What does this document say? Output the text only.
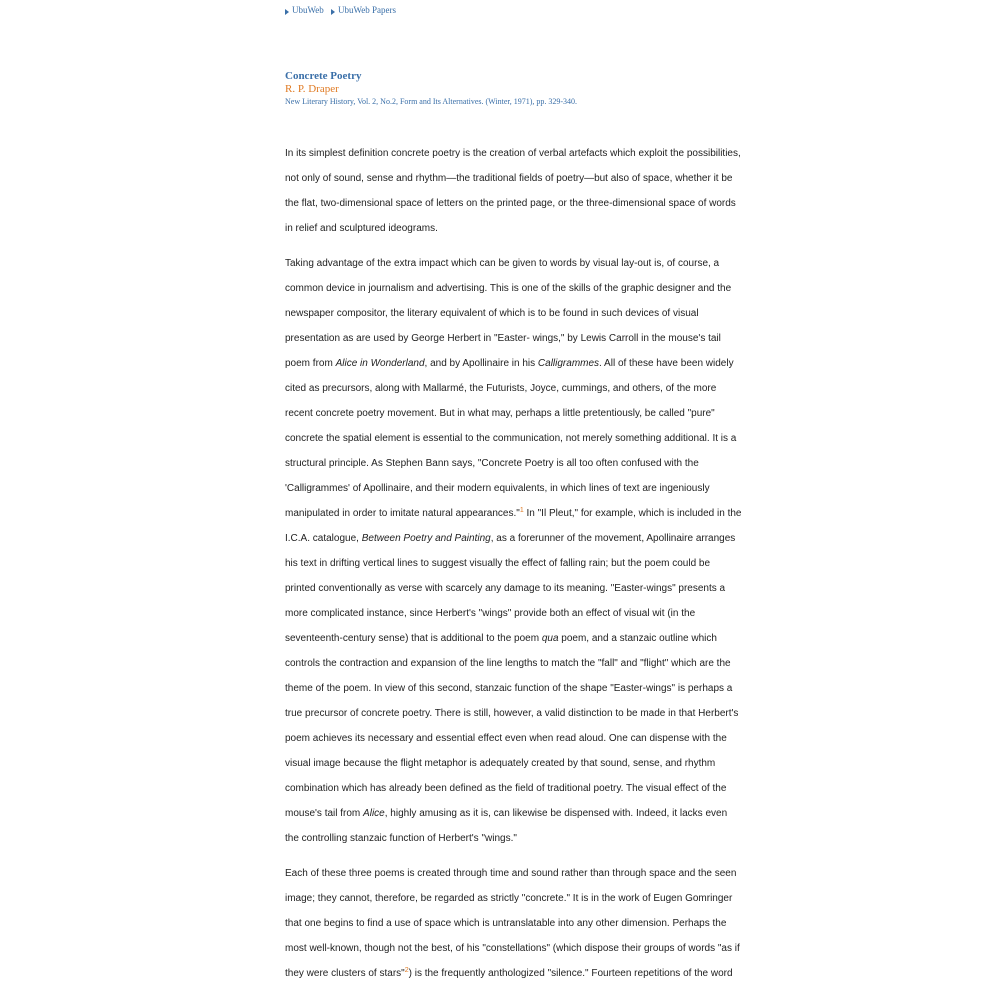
UbuWeb UbuWeb Papers
Concrete Poetry
R. P. Draper
New Literary History, Vol. 2, No.2, Form and Its Alternatives. (Winter, 1971), pp. 329-340.

In its simplest definition concrete poetry is the creation of verbal artefacts which exploit the possibilities,
not only of sound, sense and rhythm—the traditional fields of poetry—but also of space, whether it be
the flat, two-dimensional space of letters on the printed page, or the three-dimensional space of words
in relief and sculptured ideograms.

Taking advantage of the extra impact which can be given to words by visual lay-out is, of course, a
common device in journalism and advertising. This is one of the skills of the graphic designer and the
newspaper compositor, the literary equivalent of which is to be found in such devices of visual
presentation as are used by George Herbert in "Easter- wings," by Lewis Carroll in the mouse's tail
poem from Alice in Wonderland, and by Apollinaire in his Calligrammes. All of these have been widely
cited as precursors, along with Mallarmé, the Futurists, Joyce, cummings, and others, of the more
recent concrete poetry movement. But in what may, perhaps a little pretentiously, be called "pure"
concrete the spatial element is essential to the communication, not merely something additional. It is a
structural principle. As Stephen Bann says, "Concrete Poetry is all too often confused with the
'Calligrammes' of Apollinaire, and their modern equivalents, in which lines of text are ingeniously
manipulated in order to imitate natural appearances."$^1$ In "Il Pleut," for example, which is included in the
I.C.A. catalogue, Between Poetry and Painting, as a forerunner of the movement, Apollinaire arranges
his text in drifting vertical lines to suggest visually the effect of falling rain; but the poem could be
printed conventionally as verse with scarcely any damage to its meaning. "Easter-wings" presents a
more complicated instance, since Herbert's "wings" provide both an effect of visual wit (in the
seventeenth-century sense) that is additional to the poem qua poem, and a stanzaic outline which
controls the contraction and expansion of the line lengths to match the "fall" and "flight" which are the
theme of the poem. In view of this second, stanzaic function of the shape "Easter-wings" is perhaps a
true precursor of concrete poetry. There is still, however, a valid distinction to be made in that Herbert's
poem achieves its necessary and essential effect even when read aloud. One can dispense with the
visual image because the flight metaphor is adequately created by that sound, sense, and rhythm
combination which has already been defined as the field of traditional poetry. The visual effect of the
mouse's tail from Alice, highly amusing as it is, can likewise be dispensed with. Indeed, it lacks even
the controlling stanzaic function of Herbert's "wings."

Each of these three poems is created through time and sound rather than through space and the seen
image; they cannot, therefore, be regarded as strictly "concrete." It is in the work of Eugen Gomringer
that one begins to find a use of space which is untranslatable into any other dimension. Perhaps the
most well-known, though not the best, of his "constellations" (which dispose their groups of words "as if
they were clusters of stars"$^2$) is the frequently anthologized "silence." Fourteen repetitions of the word
